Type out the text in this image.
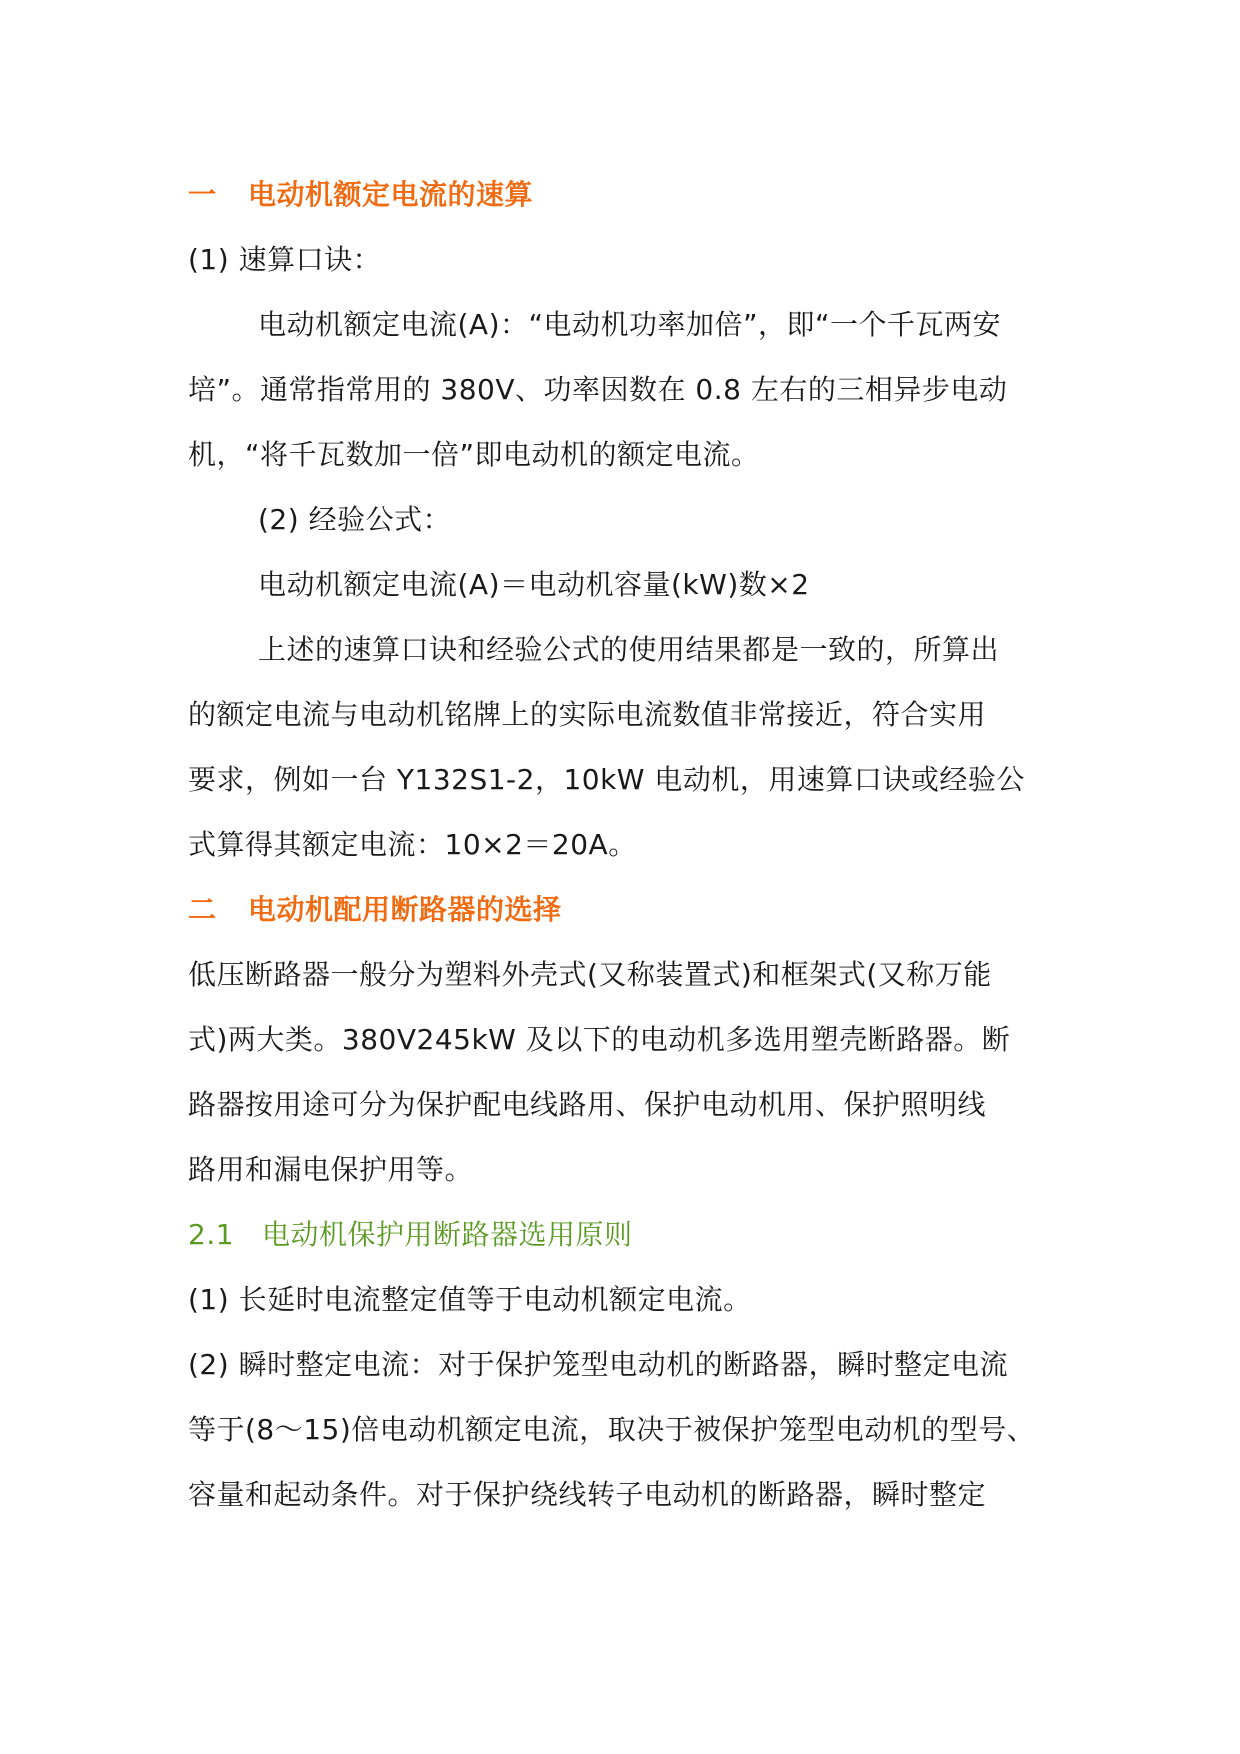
一 电动机额定电流的速算
(1) 速算口诀：
电动机额定电流(A)：“电动机功率加倍”，即“一个千瓦两安
培”。通常指常用的 380V、功率因数在 0.8 左右的三相异步电动
机，“将千瓦数加一倍”即电动机的额定电流。
(2) 经验公式：
电动机额定电流(A)＝电动机容量(kW)数×2
上述的速算口诀和经验公式的使用结果都是一致的，所算出
的额定电流与电动机铭牌上的实际电流数值非常接近，符合实用
要求，例如一台 Y132S1-2，10kW 电动机，用速算口诀或经验公
式算得其额定电流：10×2＝20A。
二 电动机配用断路器的选择
低压断路器一般分为塑料外壳式(又称装置式)和框架式(又称万能
式)两大类。380V245kW 及以下的电动机多选用塑壳断路器。断
路器按用途可分为保护配电线路用、保护电动机用、保护照明线
路用和漏电保护用等。
2.1 电动机保护用断路器选用原则
(1) 长延时电流整定值等于电动机额定电流。
(2) 瞬时整定电流：对于保护笼型电动机的断路器，瞬时整定电流
等于(8～15)倍电动机额定电流，取决于被保护笼型电动机的型号、
容量和起动条件。对于保护绕线转子电动机的断路器，瞬时整定
